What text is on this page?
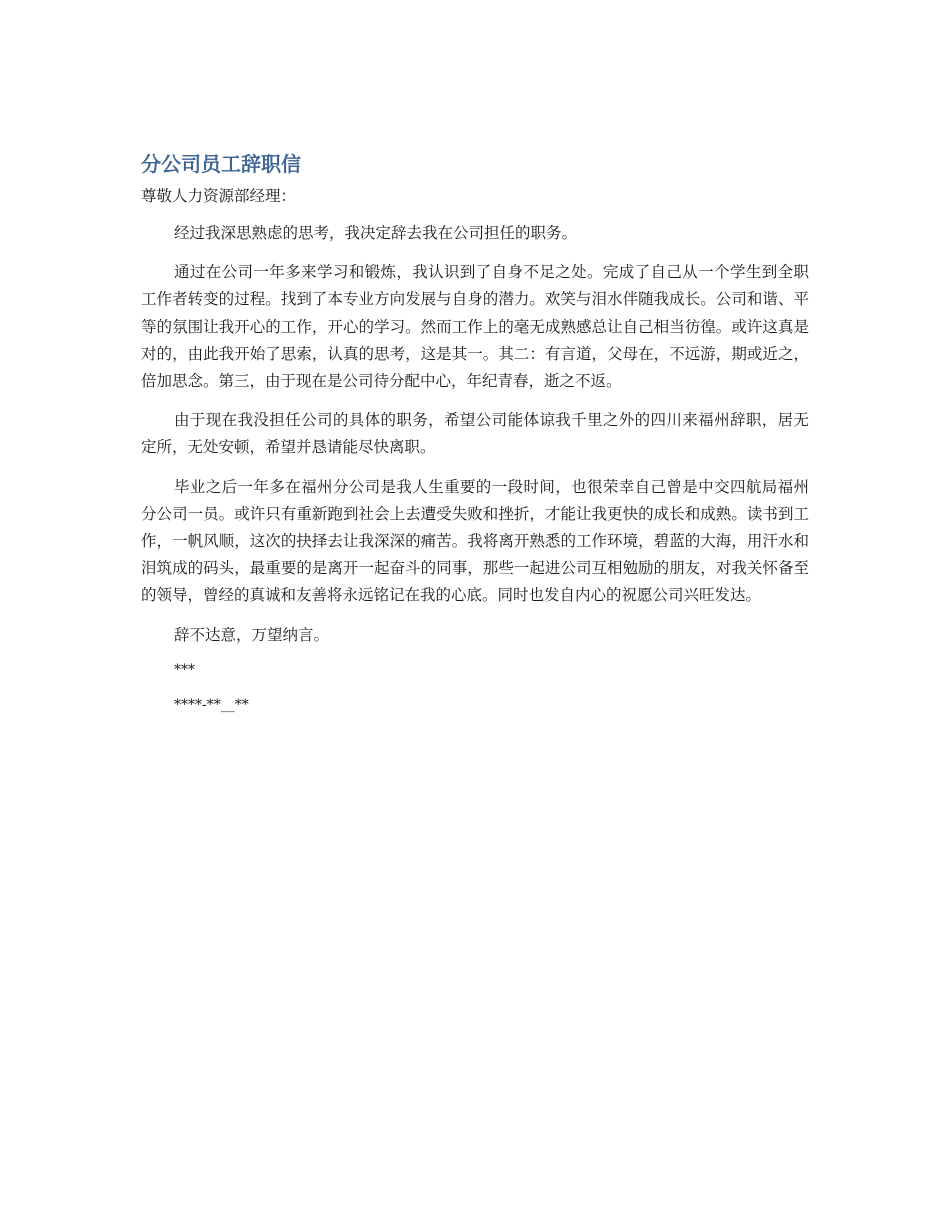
分公司员工辞职信

尊敬人力资源部经理：

经过我深思熟虑的思考，我决定辞去我在公司担任的职务。

通过在公司一年多来学习和锻炼，我认识到了自身不足之处。完成了自己从一个学生到全职工作者转变的过程。找到了本专业方向发展与自身的潜力。欢笑与泪水伴随我成长。公司和谐、平等的氛围让我开心的工作，开心的学习。然而工作上的毫无成熟感总让自己相当彷徨。或许这真是对的，由此我开始了思索，认真的思考，这是其一。其二：有言道，父母在，不远游，期或近之，倍加思念。第三，由于现在是公司待分配中心，年纪青春，逝之不返。

由于现在我没担任公司的具体的职务，希望公司能体谅我千里之外的四川来福州辞职，居无定所，无处安顿，希望并恳请能尽快离职。

毕业之后一年多在福州分公司是我人生重要的一段时间，也很荣幸自己曾是中交四航局福州分公司一员。或许只有重新跑到社会上去遭受失败和挫折，才能让我更快的成长和成熟。读书到工作，一帆风顺，这次的抉择去让我深深的痛苦。我将离开熟悉的工作环境，碧蓝的大海，用汗水和泪筑成的码头，最重要的是离开一起奋斗的同事，那些一起进公司互相勉励的朋友，对我关怀备至的领导，曾经的真诚和友善将永远铭记在我的心底。同时也发自内心的祝愿公司兴旺发达。

辞不达意，万望纳言。

***

****-**__**
